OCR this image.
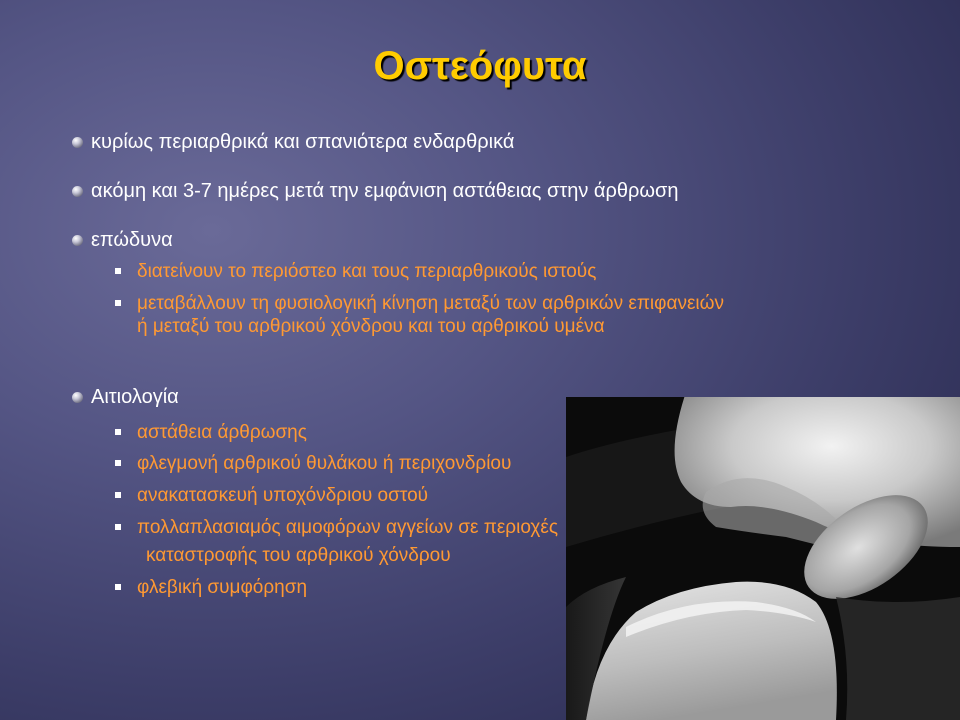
Οστεόφυτα
κυρίως περιαρθρικά και σπανιότερα ενδαρθρικά
ακόμη και 3-7 ημέρες μετά την εμφάνιση αστάθειας στην άρθρωση
επώδυνα
διατείνουν το περιόστεο και τους περιαρθρικούς ιστούς
μεταβάλλουν τη φυσιολογική κίνηση μεταξύ των αρθρικών επιφανειών
ή μεταξύ του αρθρικού χόνδρου και του αρθρικού υμένα
Αιτιολογία
αστάθεια άρθρωσης
φλεγμονή αρθρικού θυλάκου ή περιχονδρίου
ανακατασκευή υποχόνδριου οστού
πολλαπλασιαμός αιμοφόρων αγγείων σε περιοχές
καταστροφής του αρθρικού χόνδρου
φλεβική συμφόρηση
